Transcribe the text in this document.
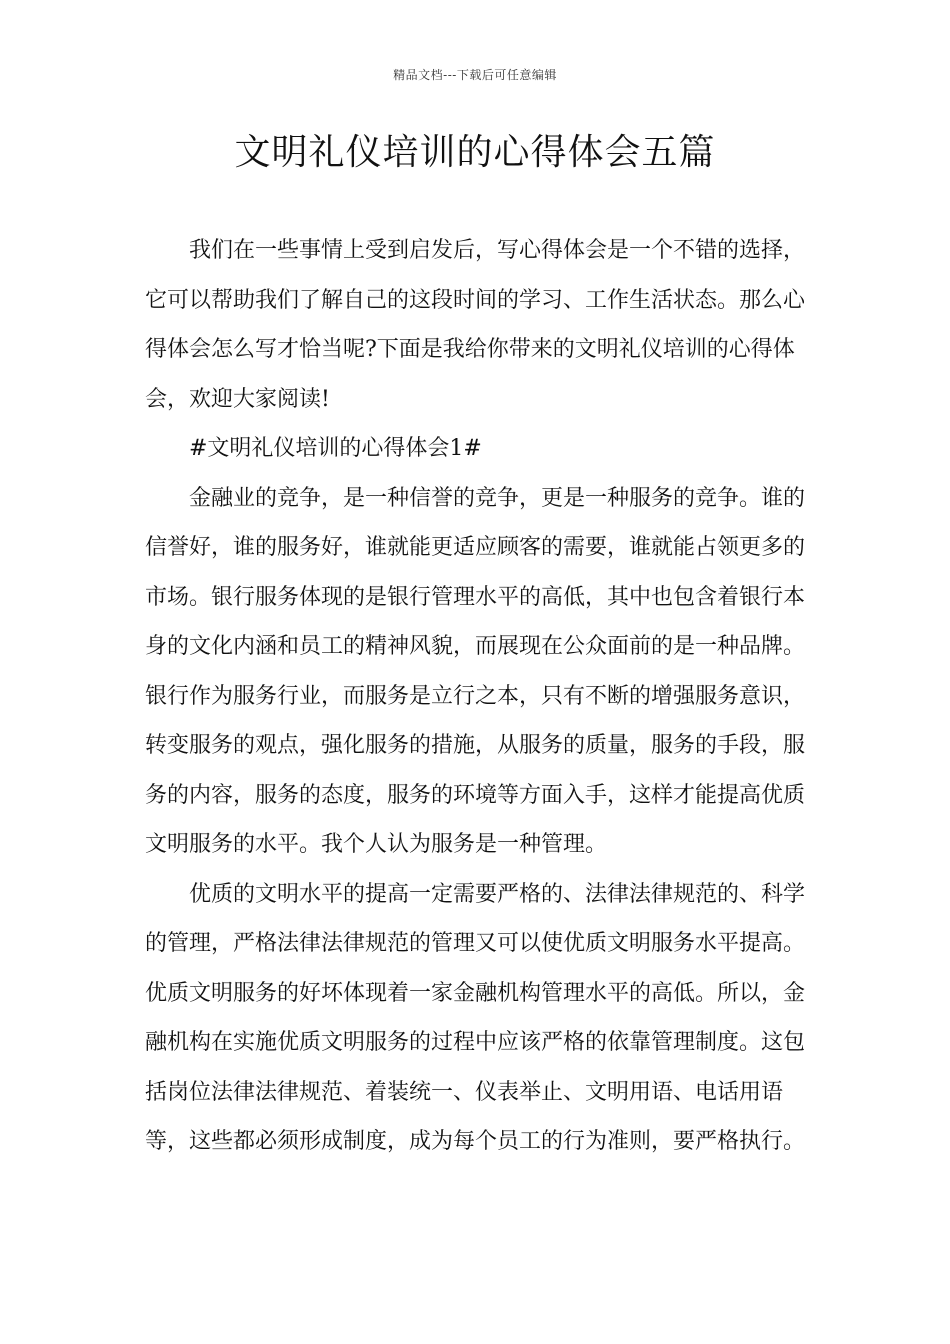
精品文档---下载后可任意编辑
文明礼仪培训的心得体会五篇

我们在一些事情上受到启发后，写心得体会是一个不错的选择，它可以帮助我们了解自己的这段时间的学习、工作生活状态。那么心得体会怎么写才恰当呢?下面是我给你带来的文明礼仪培训的心得体会，欢迎大家阅读!

#文明礼仪培训的心得体会1#

金融业的竞争，是一种信誉的竞争，更是一种服务的竞争。谁的信誉好，谁的服务好，谁就能更适应顾客的需要，谁就能占领更多的市场。银行服务体现的是银行管理水平的高低，其中也包含着银行本身的文化内涵和员工的精神风貌，而展现在公众面前的是一种品牌。银行作为服务行业，而服务是立行之本，只有不断的增强服务意识，转变服务的观点，强化服务的措施，从服务的质量，服务的手段，服务的内容，服务的态度，服务的环境等方面入手，这样才能提高优质文明服务的水平。我个人认为服务是一种管理。

优质的文明水平的提高一定需要严格的、法律法律规范的、科学的管理，严格法律法律规范的管理又可以使优质文明服务水平提高。优质文明服务的好坏体现着一家金融机构管理水平的高低。所以，金融机构在实施优质文明服务的过程中应该严格的依靠管理制度。这包括岗位法律法律规范、着装统一、仪表举止、文明用语、电话用语等，这些都必须形成制度，成为每个员工的行为准则，要严格执行。
